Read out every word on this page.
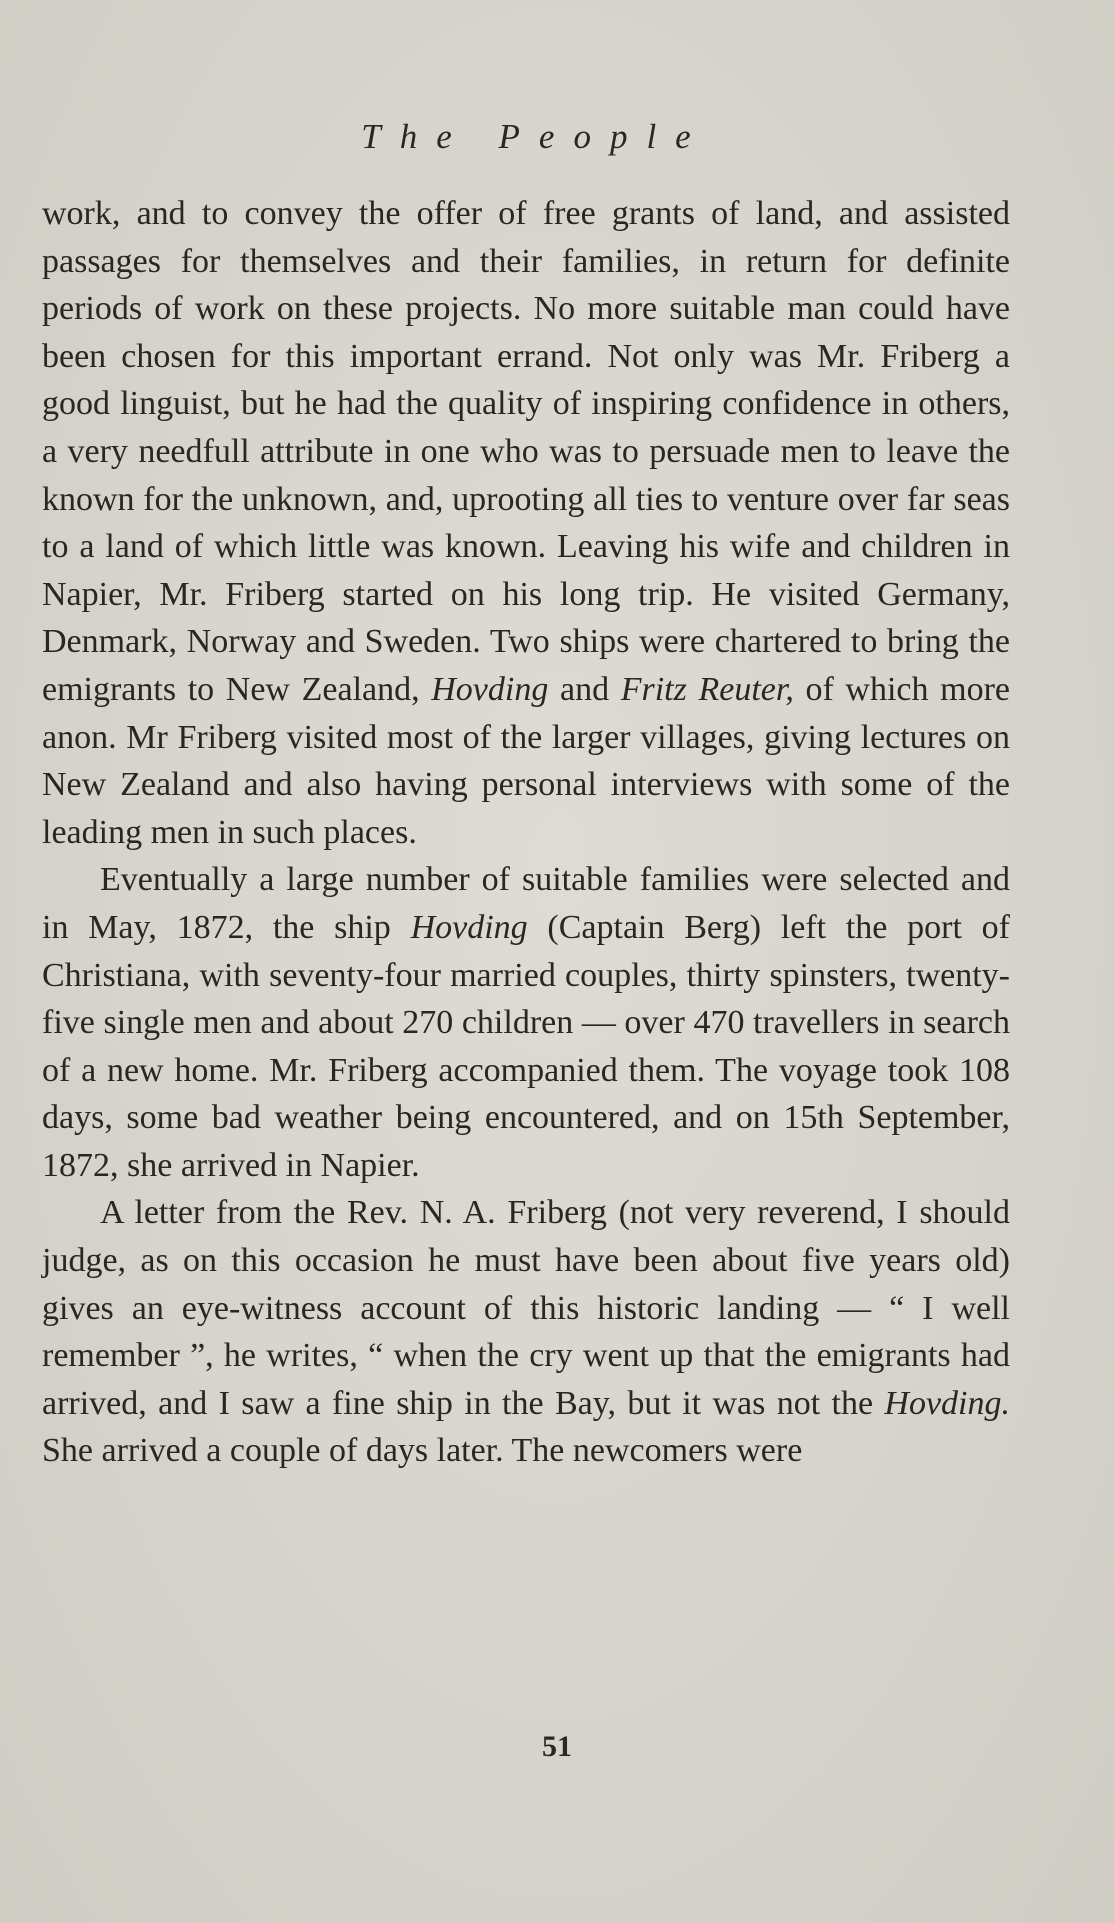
The People

work, and to convey the offer of free grants of land, and assisted passages for themselves and their families, in return for definite periods of work on these projects. No more suitable man could have been chosen for this important errand. Not only was Mr. Friberg a good linguist, but he had the quality of inspiring confidence in others, a very needfull attribute in one who was to persuade men to leave the known for the unknown, and, uprooting all ties to venture over far seas to a land of which little was known. Leaving his wife and children in Napier, Mr. Friberg started on his long trip. He visited Germany, Denmark, Norway and Sweden. Two ships were chartered to bring the emigrants to New Zealand, Hovding and Fritz Reuter, of which more anon. Mr Friberg visited most of the larger villages, giving lectures on New Zealand and also having personal interviews with some of the leading men in such places.

Eventually a large number of suitable families were selected and in May, 1872, the ship Hovding (Captain Berg) left the port of Christiana, with seventy-four married couples, thirty spinsters, twenty-five single men and about 270 children — over 470 travellers in search of a new home. Mr. Friberg accompanied them. The voyage took 108 days, some bad weather being encountered, and on 15th September, 1872, she arrived in Napier.

A letter from the Rev. N. A. Friberg (not very reverend, I should judge, as on this occasion he must have been about five years old) gives an eye-witness account of this historic landing — “ I well remember ”, he writes, “ when the cry went up that the emigrants had arrived, and I saw a fine ship in the Bay, but it was not the Hovding. She arrived a couple of days later. The newcomers were

51
